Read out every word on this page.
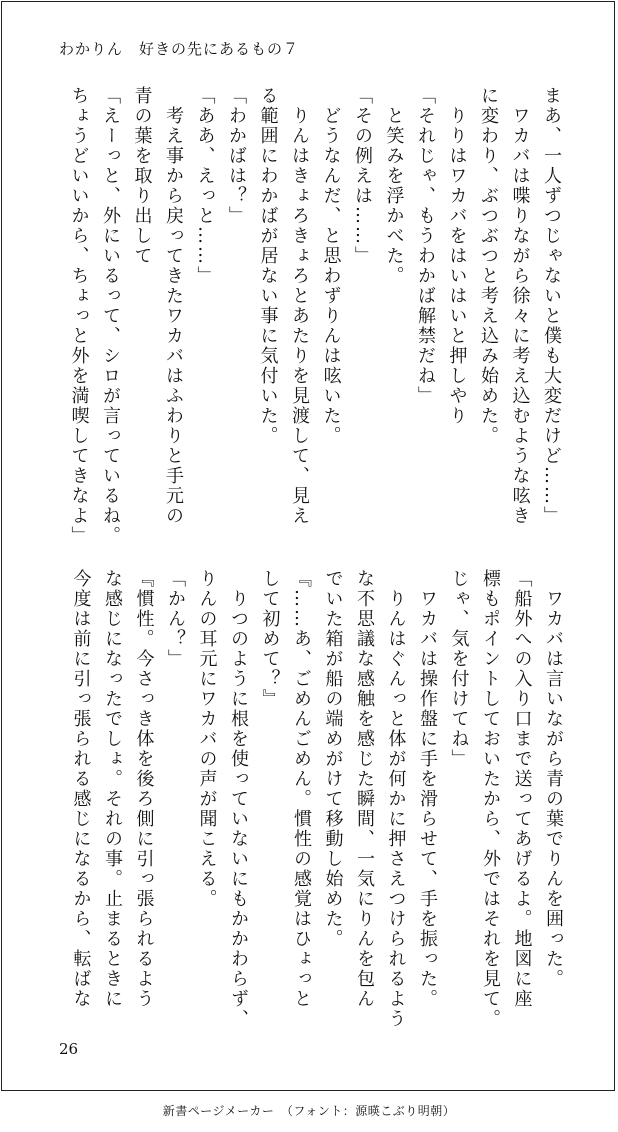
わかりん　好きの先にあるもの７
まあ、一人ずつじゃないと僕も大変だけど……」
　ワカバは喋りながら徐々に考え込むような呟き
に変わり、ぶつぶつと考え込み始めた。
　りりはワカバをはいはいと押しやり
「それじゃ、もうわかば解禁だね」
　と笑みを浮かべた。
「その例えは……」
　どうなんだ、と思わずりんは呟いた。
　りんはきょろきょろとあたりを見渡して、見え
る範囲にわかばが居ない事に気付いた。
「わかばは？」
「ああ、えっと……」
　考え事から戻ってきたワカバはふわりと手元の
青の葉を取り出して
「えーっと、外にいるって、シロが言っているね。
ちょうどいいから、ちょっと外を満喫してきなよ」
　ワカバは言いながら青の葉でりんを囲った。
「船外への入り口まで送ってあげるよ。地図に座
標もポイントしておいたから、外ではそれを見て。
じゃ、気を付けてね」
　ワカバは操作盤に手を滑らせて、手を振った。
　りんはぐんっと体が何かに押さえつけられるよう
な不思議な感触を感じた瞬間、一気にりんを包ん
でいた箱が船の端めがけて移動し始めた。
『……あ、ごめんごめん。慣性の感覚はひょっと
して初めて？』
　りつのように根を使っていないにもかかわらず、
りんの耳元にワカバの声が聞こえる。
「かん？」
『慣性。今さっき体を後ろ側に引っ張られるよう
な感じになったでしょ。それの事。止まるときに
今度は前に引っ張られる感じになるから、転ばな
26
新書ページメーカー　（フォント：源暎こぶり明朝）
